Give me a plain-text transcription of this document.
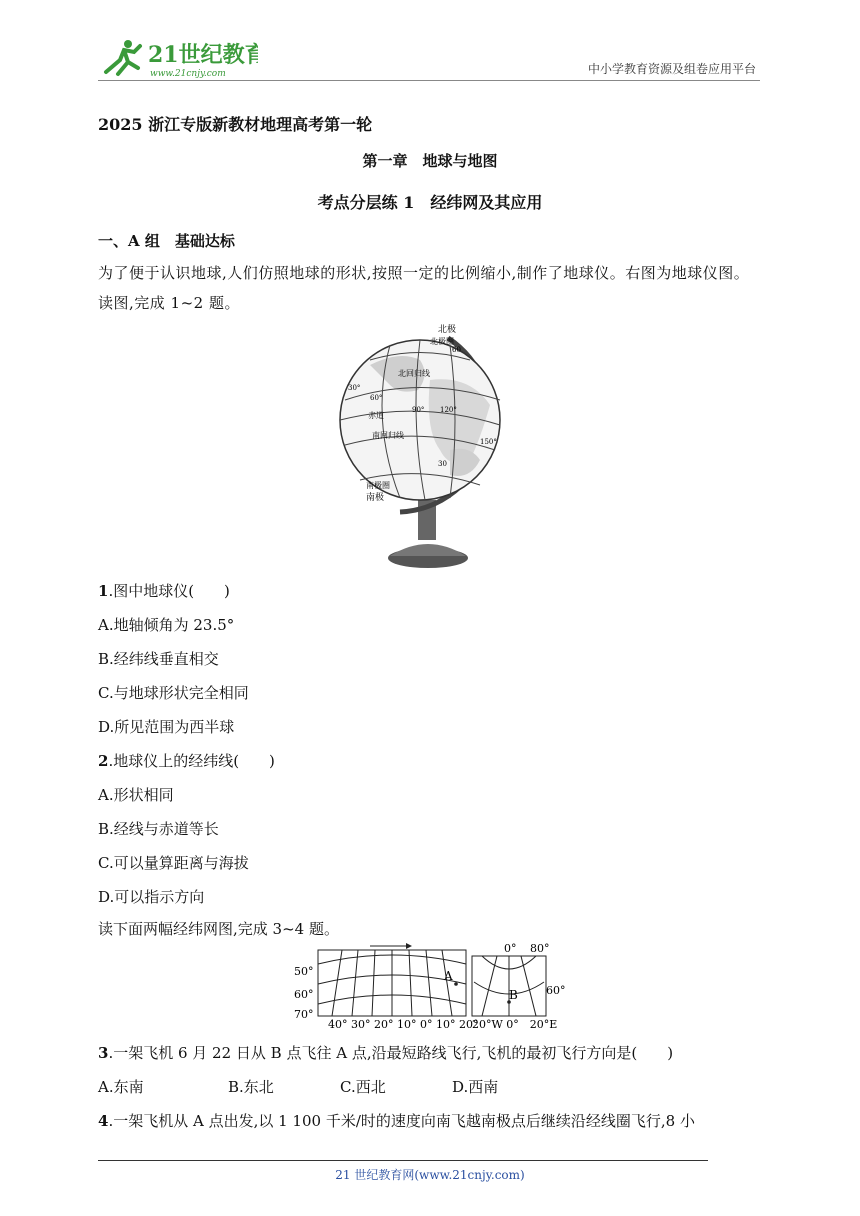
21世纪教育
www.21cnjy.com	中小学教育资源及组卷应用平台
2025 浙江专版新教材地理高考第一轮
第一章　地球与地图
考点分层练 1　经纬网及其应用
一、A 组　基础达标
为了便于认识地球,人们仿照地球的形状,按照一定的比例缩小,制作了地球仪。右图为地球仪图。读图,完成 1~2 题。
北极
北极圈
60
北回归线
30°
60°
90° 120°
150°
赤道
南回归线
30
南极圈
南极
1.图中地球仪(　　)
A.地轴倾角为 23.5°
B.经纬线垂直相交
C.与地球形状完全相同
D.所见范围为西半球
2.地球仪上的经纬线(　　)
A.形状相同
B.经线与赤道等长
C.可以量算距离与海拔
D.可以指示方向
读下面两幅经纬网图,完成 3~4 题。
A
50°
60°
70°
40° 30° 20° 10° 0° 10° 20°
0° 80°
60°
B
20°W 0°　20°E
3.一架飞机 6 月 22 日从 B 点飞往 A 点,沿最短路线飞行,飞机的最初飞行方向是(　　)
A.东南	B.东北	C.西北	D.西南
4.一架飞机从 A 点出发,以 1 100 千米/时的速度向南飞越南极点后继续沿经线圈飞行,8 小
21 世纪教育网(www.21cnjy.com)
